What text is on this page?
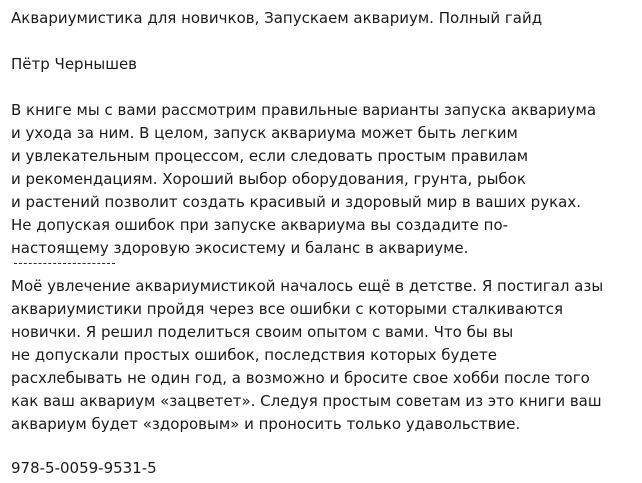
Аквариумистика для новичков, Запускаем аквариум. Полный гайд
Пётр Чернышев
В книге мы с вами рассмотрим правильные варианты запуска аквариума
и ухода за ним. В целом, запуск аквариума может быть легким
и увлекательным процессом, если следовать простым правилам
и рекомендациям. Хороший выбор оборудования, грунта, рыбок
и растений позволит создать красивый и здоровый мир в ваших руках.
Не допуская ошибок при запуске аквариума вы создадите по-
настоящему здоровую экосистему и баланс в аквариуме.
Моё увлечение аквариумистикой началось ещё в детстве. Я постигал азы
аквариумистики пройдя через все ошибки с которыми сталкиваются
новички. Я решил поделиться своим опытом с вами. Что бы вы
не допускали простых ошибок, последствия которых будете
расхлебывать не один год, а возможно и бросите свое хобби после того
как ваш аквариум «зацветет». Следуя простым советам из это книги ваш
аквариум будет «здоровым» и проносить только удавольствие.
978-5-0059-9531-5
